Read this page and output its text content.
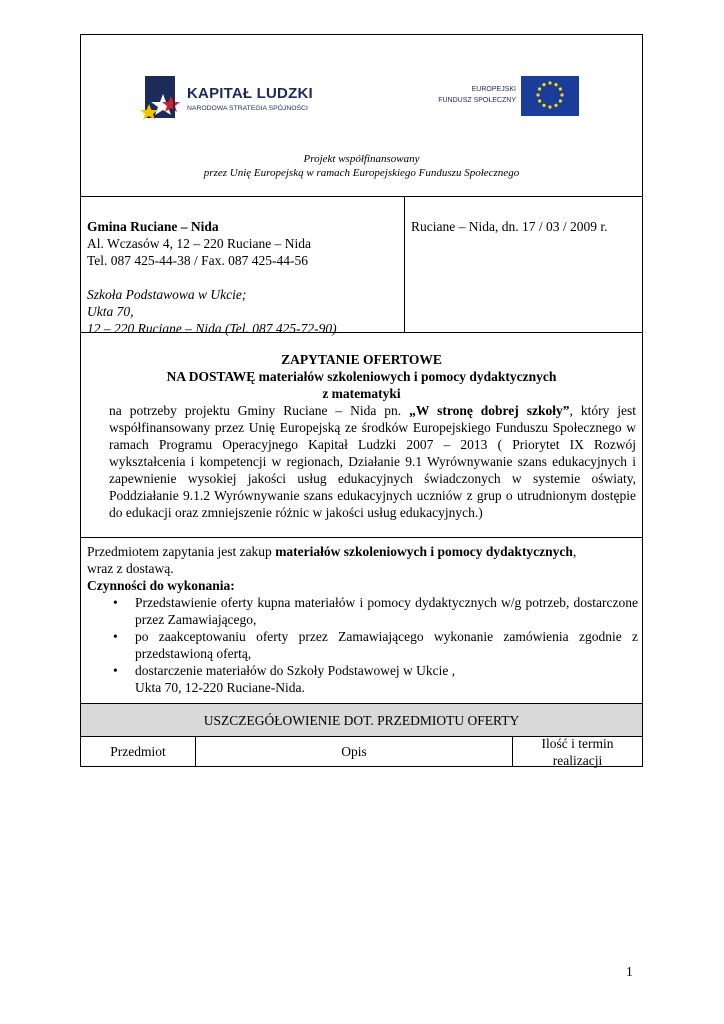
Projekt współfinansowany
przez Unię Europejską w ramach Europejskiego Funduszu Społecznego
KAPITAŁ LUDZKI
NARODOWA STRATEGIA SPÓJNOŚCI
EUROPEJSKI
FUNDUSZ SPOŁECZNY
Gmina Ruciane – Nida
Al. Wczasów 4, 12 – 220 Ruciane – Nida
Tel. 087 425-44-38 / Fax. 087 425-44-56
Szkoła Podstawowa w Ukcie;
Ukta 70,
12 – 220 Ruciane – Nida (Tel. 087 425-72-90)
Ruciane – Nida, dn. 17 / 03 / 2009 r.
ZAPYTANIE OFERTOWE
NA DOSTAWĘ materiałów szkoleniowych i pomocy dydaktycznych
z matematyki
na potrzeby projektu Gminy Ruciane – Nida pn. „W stronę dobrej szkoły”, który jest współfinansowany przez Unię Europejską ze środków Europejskiego Funduszu Społecznego w ramach Programu Operacyjnego Kapitał Ludzki 2007 – 2013 ( Priorytet IX Rozwój wykształcenia i kompetencji w regionach, Działanie 9.1 Wyrównywanie szans edukacyjnych i zapewnienie wysokiej jakości usług edukacyjnych świadczonych w systemie oświaty, Poddziałanie 9.1.2 Wyrównywanie szans edukacyjnych uczniów z grup o utrudnionym dostępie do edukacji oraz zmniejszenie różnic w jakości usług edukacyjnych.)
Przedmiotem zapytania jest zakup materiałów szkoleniowych i pomocy dydaktycznych,
wraz z dostawą.
Czynności do wykonania:
• Przedstawienie oferty kupna materiałów i pomocy dydaktycznych w/g potrzeb, dostarczone przez Zamawiającego,
• po zaakceptowaniu oferty przez Zamawiającego wykonanie zamówienia zgodnie z przedstawioną ofertą,
• dostarczenie materiałów do Szkoły Podstawowej w Ukcie ,
Ukta 70, 12-220 Ruciane-Nida.
USZCZEGÓŁOWIENIE DOT. PRZEDMIOTU OFERTY
Przedmiot	Opis
Ilość i termin realizacji
1
